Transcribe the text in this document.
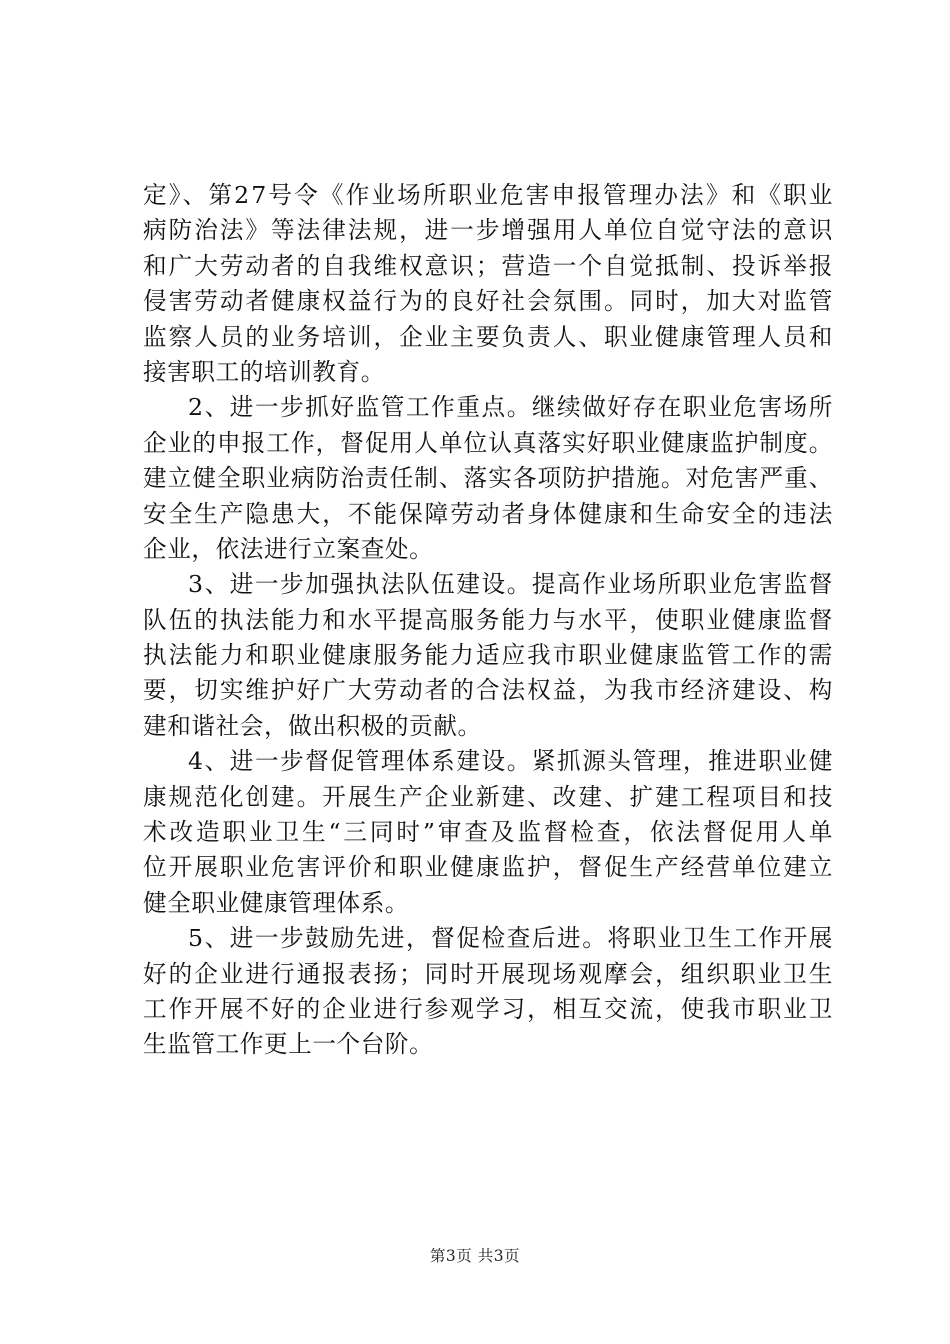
定》、第27号令《作业场所职业危害申报管理办法》和《职业
病防治法》等法律法规，进一步增强用人单位自觉守法的意识
和广大劳动者的自我维权意识；营造一个自觉抵制、投诉举报
侵害劳动者健康权益行为的良好社会氛围。同时，加大对监管
监察人员的业务培训，企业主要负责人、职业健康管理人员和
接害职工的培训教育。
2、进一步抓好监管工作重点。继续做好存在职业危害场所
企业的申报工作，督促用人单位认真落实好职业健康监护制度。
建立健全职业病防治责任制、落实各项防护措施。对危害严重、
安全生产隐患大，不能保障劳动者身体健康和生命安全的违法
企业，依法进行立案查处。
3、进一步加强执法队伍建设。提高作业场所职业危害监督
队伍的执法能力和水平提高服务能力与水平，使职业健康监督
执法能力和职业健康服务能力适应我市职业健康监管工作的需
要，切实维护好广大劳动者的合法权益，为我市经济建设、构
建和谐社会，做出积极的贡献。
4、进一步督促管理体系建设。紧抓源头管理，推进职业健
康规范化创建。开展生产企业新建、改建、扩建工程项目和技
术改造职业卫生“三同时”审查及监督检查，依法督促用人单
位开展职业危害评价和职业健康监护，督促生产经营单位建立
健全职业健康管理体系。
5、进一步鼓励先进，督促检查后进。将职业卫生工作开展
好的企业进行通报表扬；同时开展现场观摩会，组织职业卫生
工作开展不好的企业进行参观学习，相互交流，使我市职业卫
生监管工作更上一个台阶。
第3页 共3页
